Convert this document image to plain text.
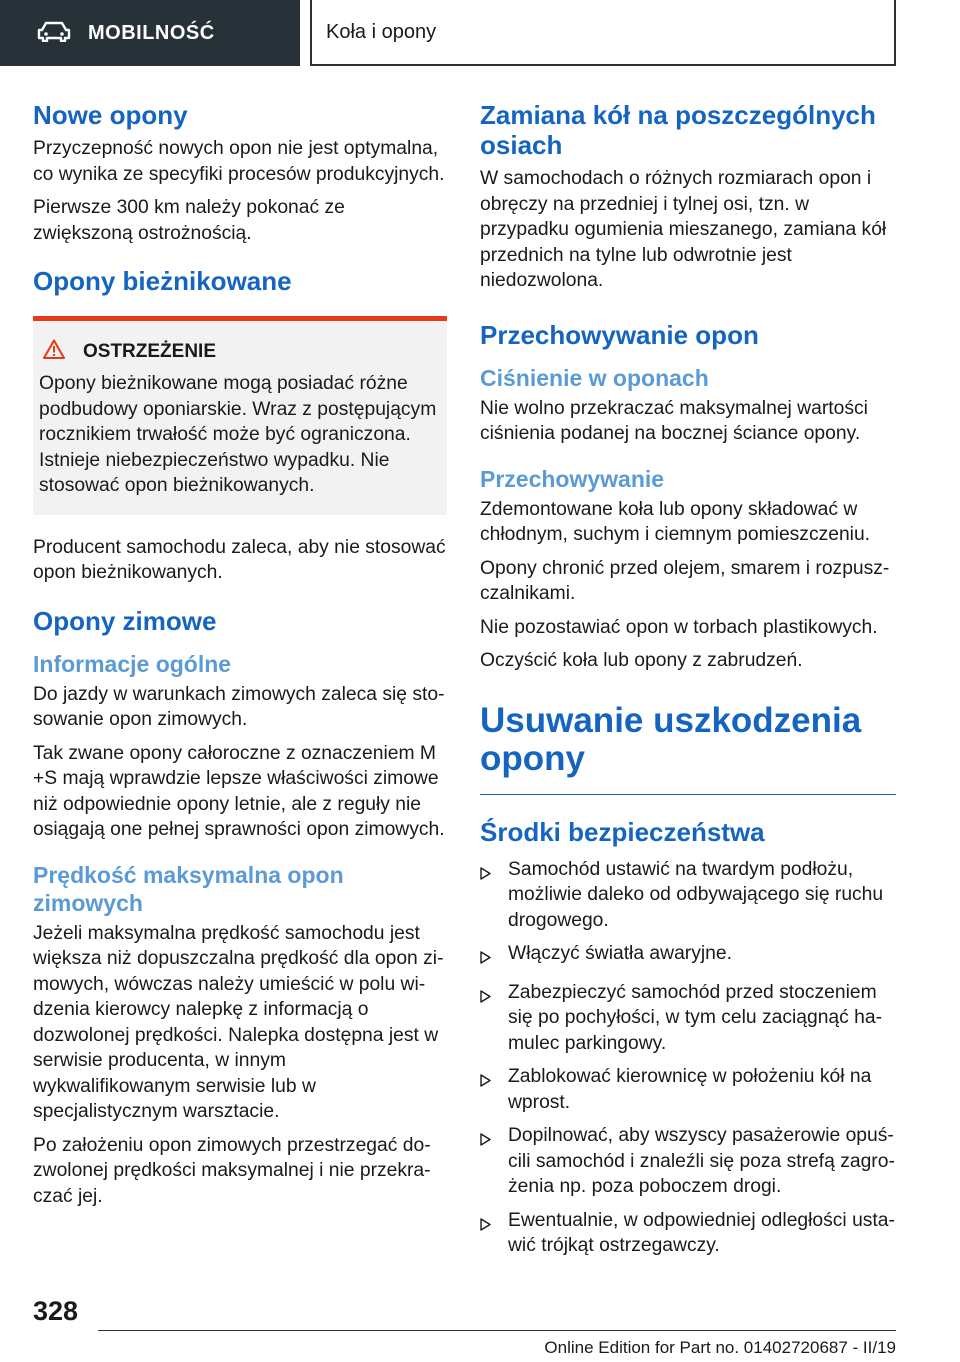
MOBILNOŚĆ	Koła i opony
Nowe opony

Przyczepność nowych opon nie jest optymalna, co wynika ze specyfiki procesów produkcyjnych.

Pierwsze 300 km należy pokonać ze zwiększoną ostrożnością.

Opony bieżnikowane
OSTRZEŻENIE

Opony bieżnikowane mogą posiadać różne podbudowy oponiarskie. Wraz z postępującym rocznikiem trwałość może być ograniczona. Istnieje niebezpieczeństwo wypadku. Nie stosować opon bieżnikowanych.

Producent samochodu zaleca, aby nie stosować opon bieżnikowanych.

Opony zimowe
Informacje ogólne

Do jazdy w warunkach zimowych zaleca się stosowanie opon zimowych.

Tak zwane opony całoroczne z oznaczeniem M +S mają wprawdzie lepsze właściwości zimowe niż odpowiednie opony letnie, ale z reguły nie osiągają one pełnej sprawności opon zimowych.

Prędkość maksymalna opon zimowych

Jeżeli maksymalna prędkość samochodu jest większa niż dopuszczalna prędkość dla opon zimowych, wówczas należy umieścić w polu widzenia kierowcy nalepkę z informacją o dozwolonej prędkości. Nalepka dostępna jest w serwisie producenta, w innym wykwalifikowanym serwisie lub w specjalistycznym warsztacie.

Po założeniu opon zimowych przestrzegać dozwolonej prędkości maksymalnej i nie przekraczać jej.

Zamiana kół na poszczególnych osiach

W samochodach o różnych rozmiarach opon i obręczy na przedniej i tylnej osi, tzn. w przypadku ogumienia mieszanego, zamiana kół przednich na tylne lub odwrotnie jest niedozwolona.

Przechowywanie opon
Ciśnienie w oponach

Nie wolno przekraczać maksymalnej wartości ciśnienia podanej na bocznej ściance opony.

Przechowywanie

Zdemontowane koła lub opony składować w chłodnym, suchym i ciemnym pomieszczeniu.

Opony chronić przed olejem, smarem i rozpuszczalnikami.

Nie pozostawiać opon w torbach plastikowych.

Oczyścić koła lub opony z zabrudzeń.

Usuwanie uszkodzenia opony
Środki bezpieczeństwa
Samochód ustawić na twardym podłożu, możliwie daleko od odbywającego się ruchu drogowego.
Włączyć światła awaryjne.
Zabezpieczyć samochód przed stoczeniem się po pochyłości, w tym celu zaciągnąć hamulec parkingowy.
Zablokować kierownicę w położeniu kół na wprost.
Dopilnować, aby wszyscy pasażerowie opuścili samochód i znaleźli się poza strefą zagrożenia np. poza poboczem drogi.
Ewentualnie, w odpowiedniej odległości ustawić trójkąt ostrzegawczy.
328
Online Edition for Part no. 01402720687 - II/19
